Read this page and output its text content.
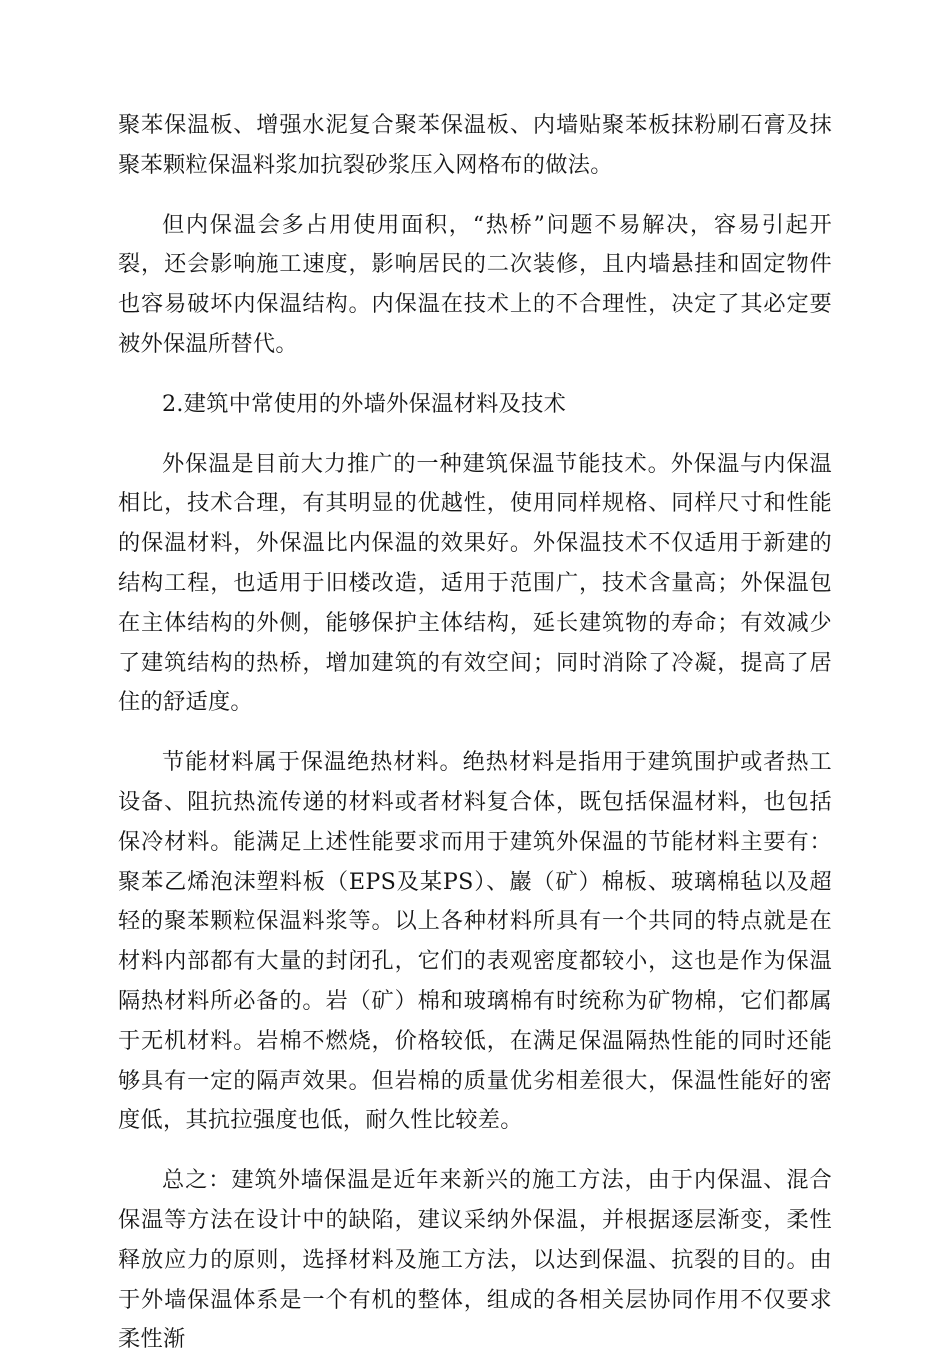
聚苯保温板、增强水泥复合聚苯保温板、内墙贴聚苯板抹粉刷石膏及抹聚苯颗粒保温料浆加抗裂砂浆压入网格布的做法。

但内保温会多占用使用面积，“热桥”问题不易解决，容易引起开裂，还会影响施工速度，影响居民的二次装修，且内墙悬挂和固定物件也容易破坏内保温结构。内保温在技术上的不合理性，决定了其必定要被外保温所替代。

2.建筑中常使用的外墙外保温材料及技术

外保温是目前大力推广的一种建筑保温节能技术。外保温与内保温相比，技术合理，有其明显的优越性，使用同样规格、同样尺寸和性能的保温材料，外保温比内保温的效果好。外保温技术不仅适用于新建的结构工程，也适用于旧楼改造，适用于范围广，技术含量高；外保温包在主体结构的外侧，能够保护主体结构，延长建筑物的寿命；有效减少了建筑结构的热桥，增加建筑的有效空间；同时消除了冷凝，提高了居住的舒适度。

节能材料属于保温绝热材料。绝热材料是指用于建筑围护或者热工设备、阻抗热流传递的材料或者材料复合体，既包括保温材料，也包括保冷材料。能满足上述性能要求而用于建筑外保温的节能材料主要有：聚苯乙烯泡沫塑料板（EPS及某PS）、巖（矿）棉板、玻璃棉毡以及超轻的聚苯颗粒保温料浆等。以上各种材料所具有一个共同的特点就是在材料内部都有大量的封闭孔，它们的表观密度都较小，这也是作为保温隔热材料所必备的。岩（矿）棉和玻璃棉有时统称为矿物棉，它们都属于无机材料。岩棉不燃烧，价格较低，在满足保温隔热性能的同时还能够具有一定的隔声效果。但岩棉的质量优劣相差很大，保温性能好的密度低，其抗拉强度也低，耐久性比较差。

总之：建筑外墙保温是近年来新兴的施工方法，由于内保温、混合保温等方法在设计中的缺陷，建议采纳外保温，并根据逐层渐变，柔性释放应力的原则，选择材料及施工方法，以达到保温、抗裂的目的。由于外墙保温体系是一个有机的整体，组成的各相关层协同作用不仅要求柔性渐
